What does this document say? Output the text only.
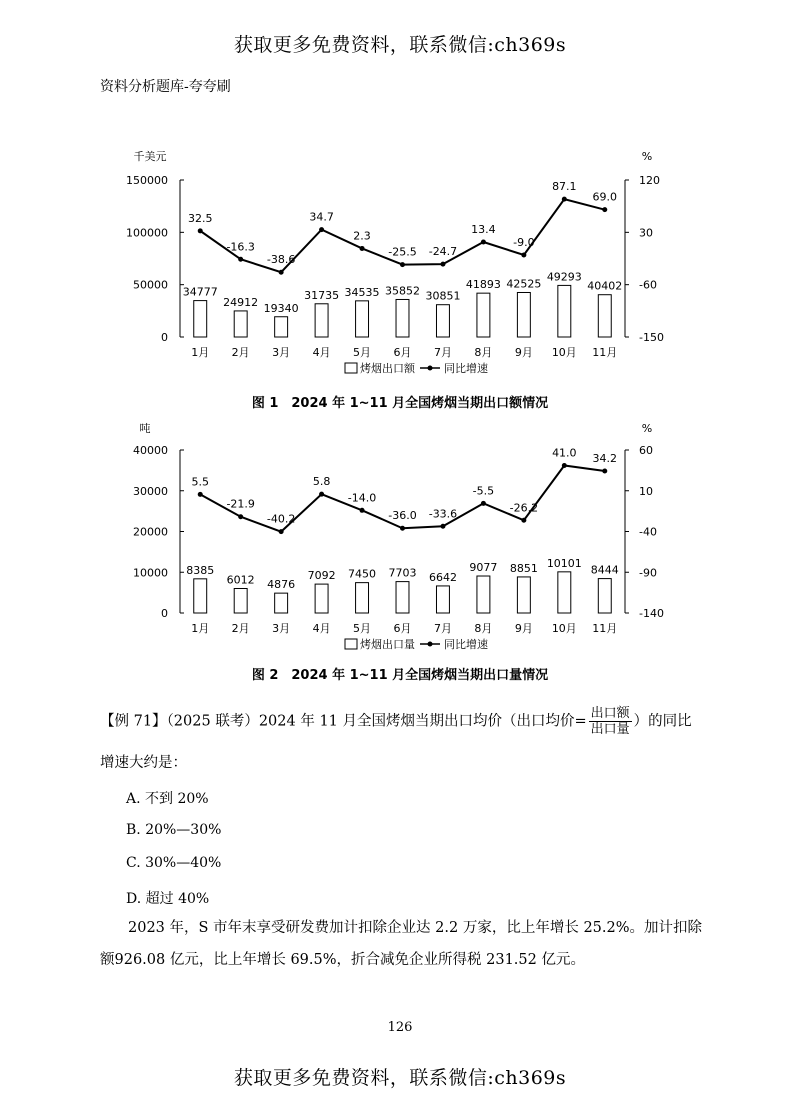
获取更多免费资料，联系微信:ch369s
资料分析题库-夸夸刷
千美元	%
150000
100000
50000
0
120
30
-60
-150
34777
24912 19340
31735 34535 35852 30851
41893 42525
49293
40402
32.5
-16.3
-38.6
34.7
2.3
-25.5 -24.7
13.4
-9.0
87.1
69.0
1月 2月 3月 4月 5月 6月 7月 8月 9月 10月 11月
烤烟出口额	同比增速
图 1　2024 年 1~11 月全国烤烟当期出口额情况
吨	%
40000
30000
20000
10000
0
60
10
-40
-90
-140
8385
6012 4876
7092 7450 7703 6642
9077 8851 10101
8444
5.5
-21.9
-40.2
5.8
-14.0
-36.0 -33.6
-5.5
-26.2
41.0 34.2
1月 2月 3月 4月 5月 6月 7月 8月 9月 10月 11月
烤烟出口量	同比增速
图 2　2024 年 1~11 月全国烤烟当期出口量情况
【例 71】（2025 联考）2024 年 11 月全国烤烟当期出口均价（出口均价= $\frac{\text{出口额}}{\text{出口量}}$ ）的同比
增速大约是：
A. 不到 20%
B. 20%—30%
C. 30%—40%
D. 超过 40%
2023 年，S 市年末享受研发费加计扣除企业达 2.2 万家，比上年增长 25.2%。加计扣除额926.08 亿元，比上年增长 69.5%，折合减免企业所得税 231.52 亿元。
126
获取更多免费资料，联系微信:ch369s
